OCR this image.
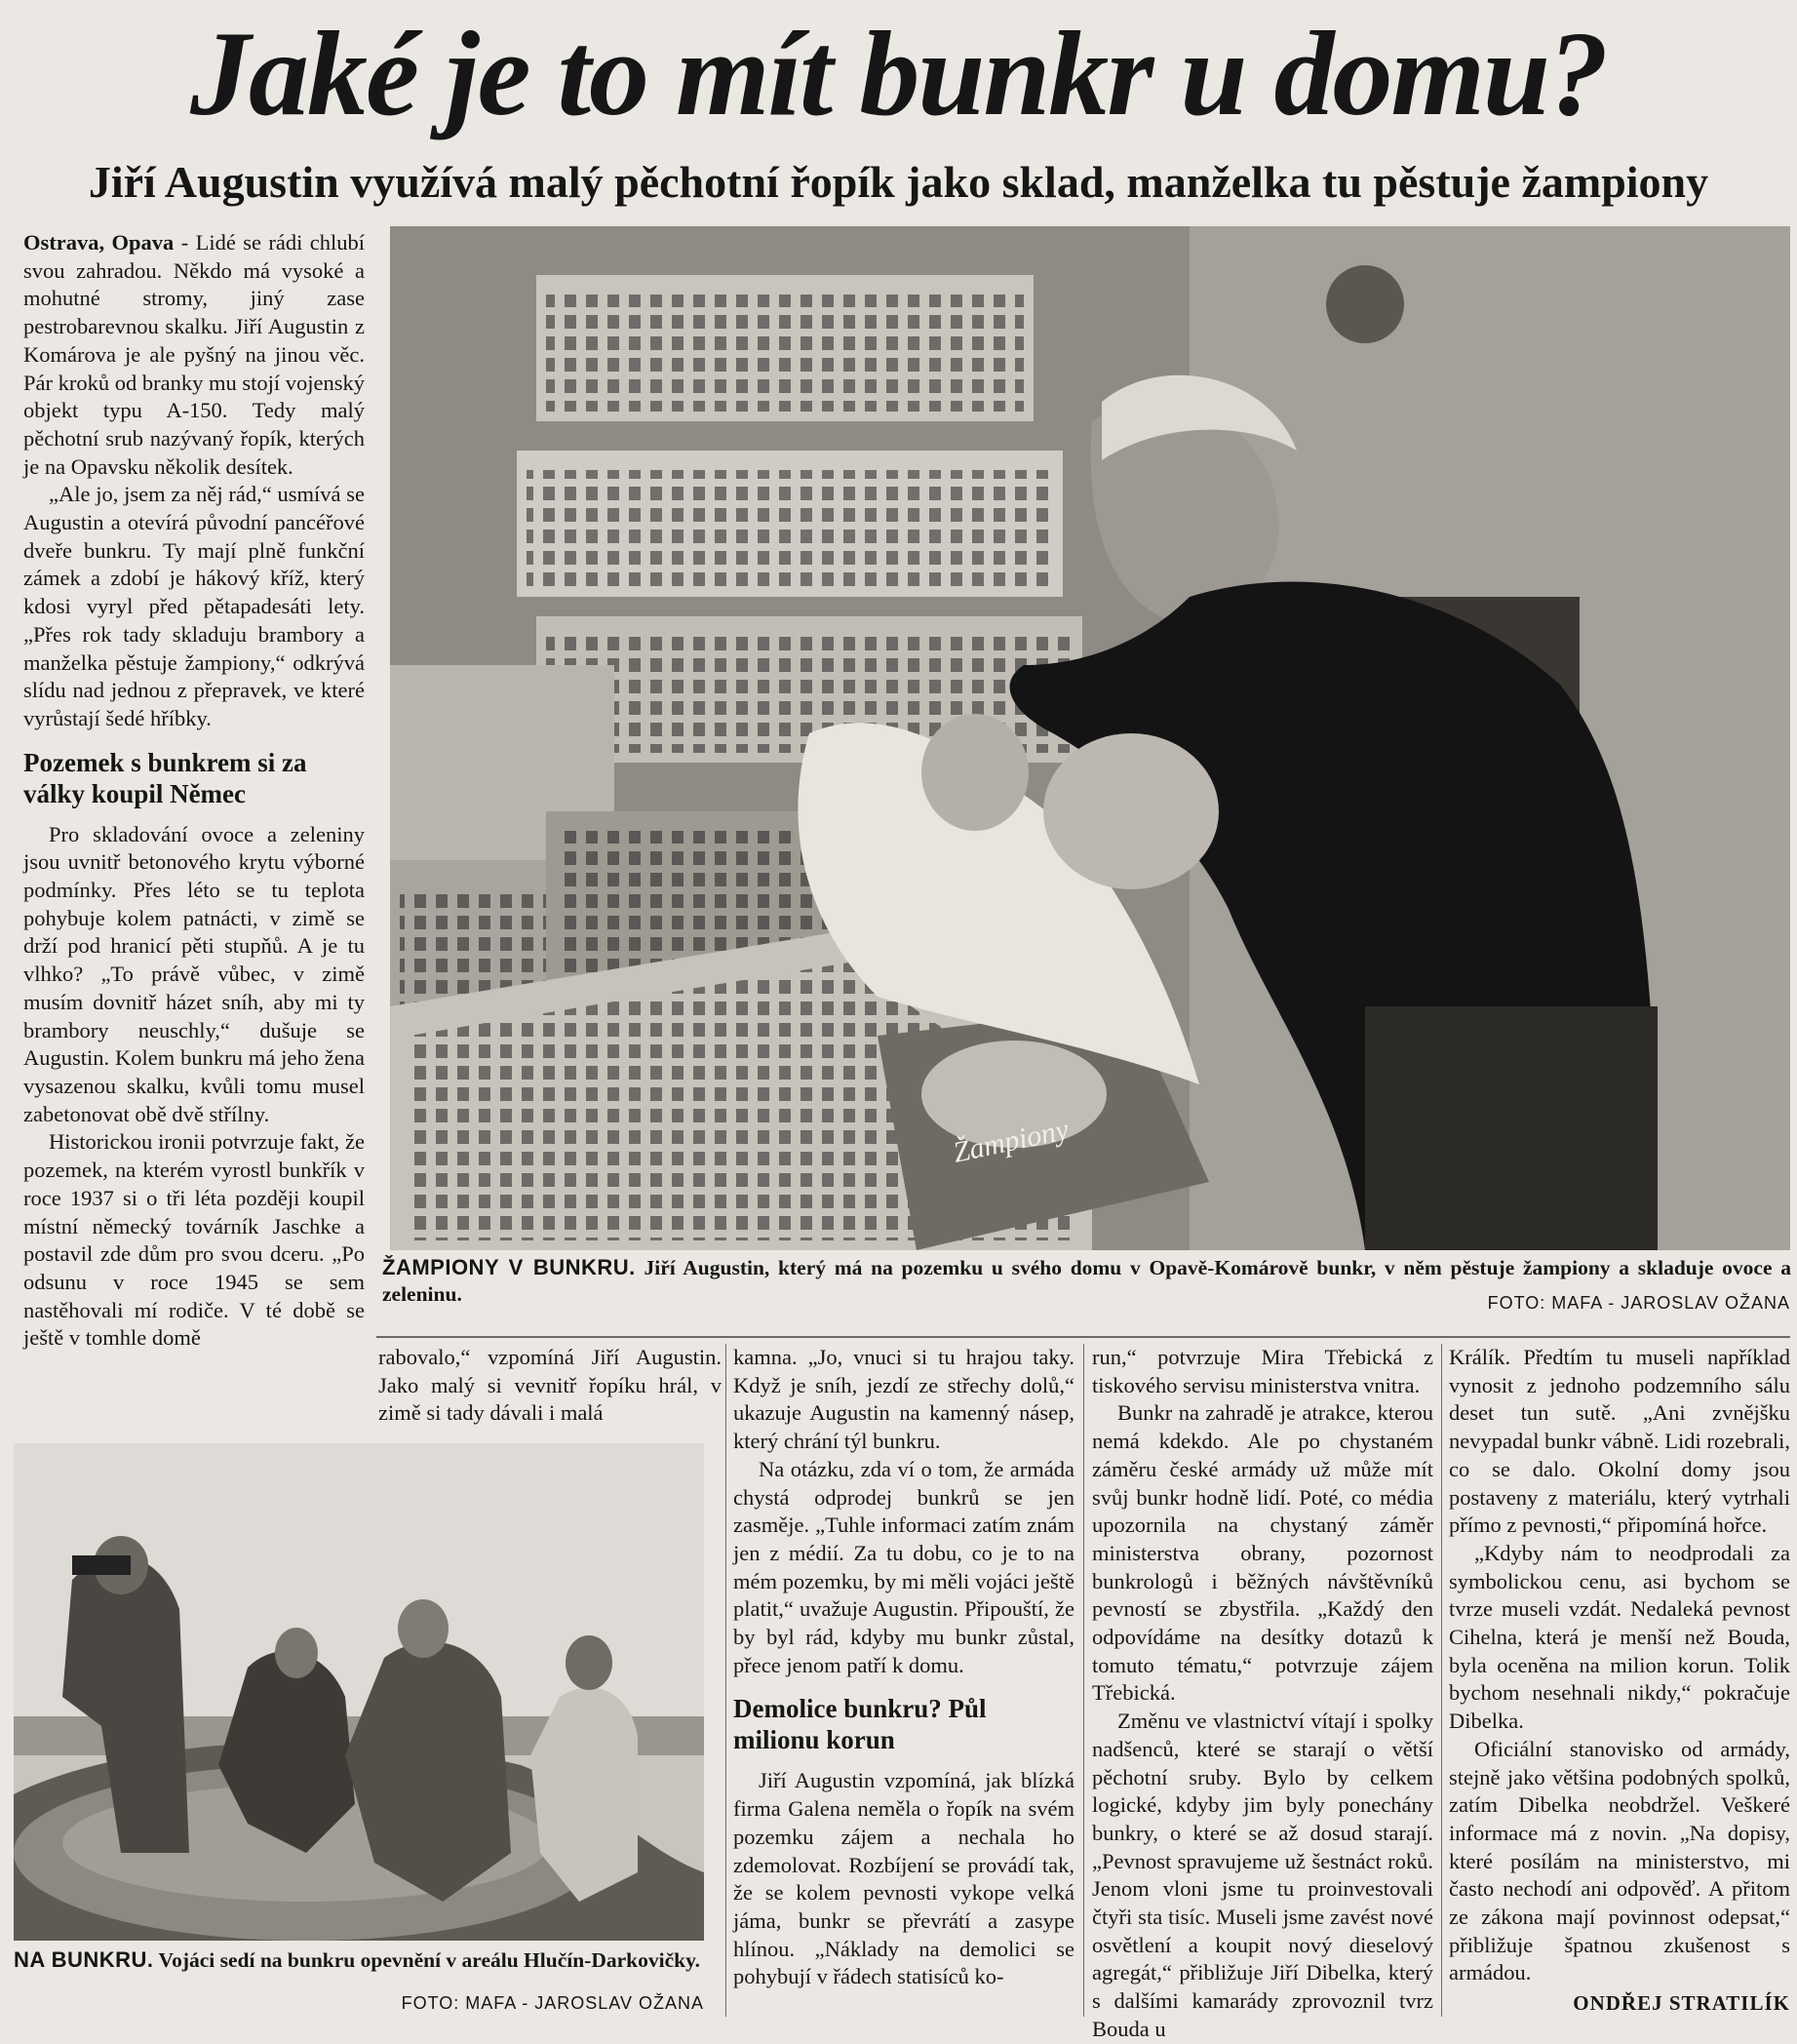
Jaké je to mít bunkr u domu?
Jiří Augustin využívá malý pěchotní řopík jako sklad, manželka tu pěstuje žampiony

Ostrava, Opava - Lidé se rádi chlubí svou zahradou. Někdo má vysoké a mohutné stromy, jiný zase pestrobarevnou skalku. Jiří Augustin z Komárova je ale pyšný na jinou věc. Pár kroků od branky mu stojí vojenský objekt typu A-150. Tedy malý pěchotní srub nazývaný řopík, kterých je na Opavsku několik desítek.

„Ale jo, jsem za něj rád,“ usmívá se Augustin a otevírá původní pancéřové dveře bunkru. Ty mají plně funkční zámek a zdobí je hákový kříž, který kdosi vyryl před pětapadesáti lety. „Přes rok tady skladuju brambory a manželka pěstuje žampiony,“ odkrývá slídu nad jednou z přepravek, ve které vyrůstají šedé hříbky.

Pozemek s bunkrem si za války koupil Němec

Pro skladování ovoce a zeleniny jsou uvnitř betonového krytu výborné podmínky. Přes léto se tu teplota pohybuje kolem patnácti, v zimě se drží pod hranicí pěti stupňů. A je tu vlhko? „To právě vůbec, v zimě musím dovnitř házet sníh, aby mi ty brambory neuschly,“ dušuje se Augustin. Kolem bunkru má jeho žena vysazenou skalku, kvůli tomu musel zabetonovat obě dvě střílny.

Historickou ironii potvrzuje fakt, že pozemek, na kterém vyrostl bunkřík v roce 1937 si o tři léta později koupil místní německý továrník Jaschke a postavil zde dům pro svou dceru. „Po odsunu v roce 1945 se sem nastěhovali mí rodiče. V té době se ještě v tomhle domě

Žampiony
ŽAMPIONY V BUNKRU. Jiří Augustin, který má na pozemku u svého domu v Opavě-Komárově bunkr, v něm pěstuje žampiony a skladuje ovoce a zeleninu.	FOTO: MAFA - JAROSLAV OŽANA

rabovalo,“ vzpomíná Jiří Augustin. Jako malý si vevnitř řopíku hrál, v zimě si tady dávali i malá

NA BUNKRU. Vojáci sedí na bunkru opevnění v areálu Hlučín-Darkovičky.
FOTO: MAFA - JAROSLAV OŽANA

kamna. „Jo, vnuci si tu hrajou taky. Když je sníh, jezdí ze střechy dolů,“ ukazuje Augustin na kamenný násep, který chrání týl bunkru.

Na otázku, zda ví o tom, že armáda chystá odprodej bunkrů se jen zasměje. „Tuhle informaci zatím znám jen z médií. Za tu dobu, co je to na mém pozemku, by mi měli vojáci ještě platit,“ uvažuje Augustin. Připouští, že by byl rád, kdyby mu bunkr zůstal, přece jenom patří k domu.

Demolice bunkru? Půl milionu korun

Jiří Augustin vzpomíná, jak blízká firma Galena neměla o řopík na svém pozemku zájem a nechala ho zdemolovat. Rozbíjení se provádí tak, že se kolem pevnosti vykope velká jáma, bunkr se převrátí a zasype hlínou. „Náklady na demolici se pohybují v řádech statisíců ko-

run,“ potvrzuje Mira Třebická z tiskového servisu ministerstva vnitra.

Bunkr na zahradě je atrakce, kterou nemá kdekdo. Ale po chystaném záměru české armády už může mít svůj bunkr hodně lidí. Poté, co média upozornila na chystaný záměr ministerstva obrany, pozornost bunkrologů i běžných návštěvníků pevností se zbystřila. „Každý den odpovídáme na desítky dotazů k tomuto tématu,“ potvrzuje zájem Třebická.

Změnu ve vlastnictví vítají i spolky nadšenců, které se starají o větší pěchotní sruby. Bylo by celkem logické, kdyby jim byly ponechány bunkry, o které se až dosud starají. „Pevnost spravujeme už šestnáct roků. Jenom vloni jsme tu proinvestovali čtyři sta tisíc. Museli jsme zavést nové osvětlení a koupit nový dieselový agregát,“ přibližuje Jiří Dibelka, který s dalšími kamarády zprovoznil tvrz Bouda u

Králík. Předtím tu museli například vynosit z jednoho podzemního sálu deset tun sutě. „Ani zvnějšku nevypadal bunkr vábně. Lidi rozebrali, co se dalo. Okolní domy jsou postaveny z materiálu, který vytrhali přímo z pevnosti,“ připomíná hořce.

„Kdyby nám to neodprodali za symbolickou cenu, asi bychom se tvrze museli vzdát. Nedaleká pevnost Cihelna, která je menší než Bouda, byla oceněna na milion korun. Tolik bychom nesehnali nikdy,“ pokračuje Dibelka.

Oficiální stanovisko od armády, stejně jako většina podobných spolků, zatím Dibelka neobdržel. Veškeré informace má z novin. „Na dopisy, které posílám na ministerstvo, mi často nechodí ani odpověď. A přitom ze zákona mají povinnost odepsat,“ přibližuje špatnou zkušenost s armádou.

ONDŘEJ STRATILÍK
